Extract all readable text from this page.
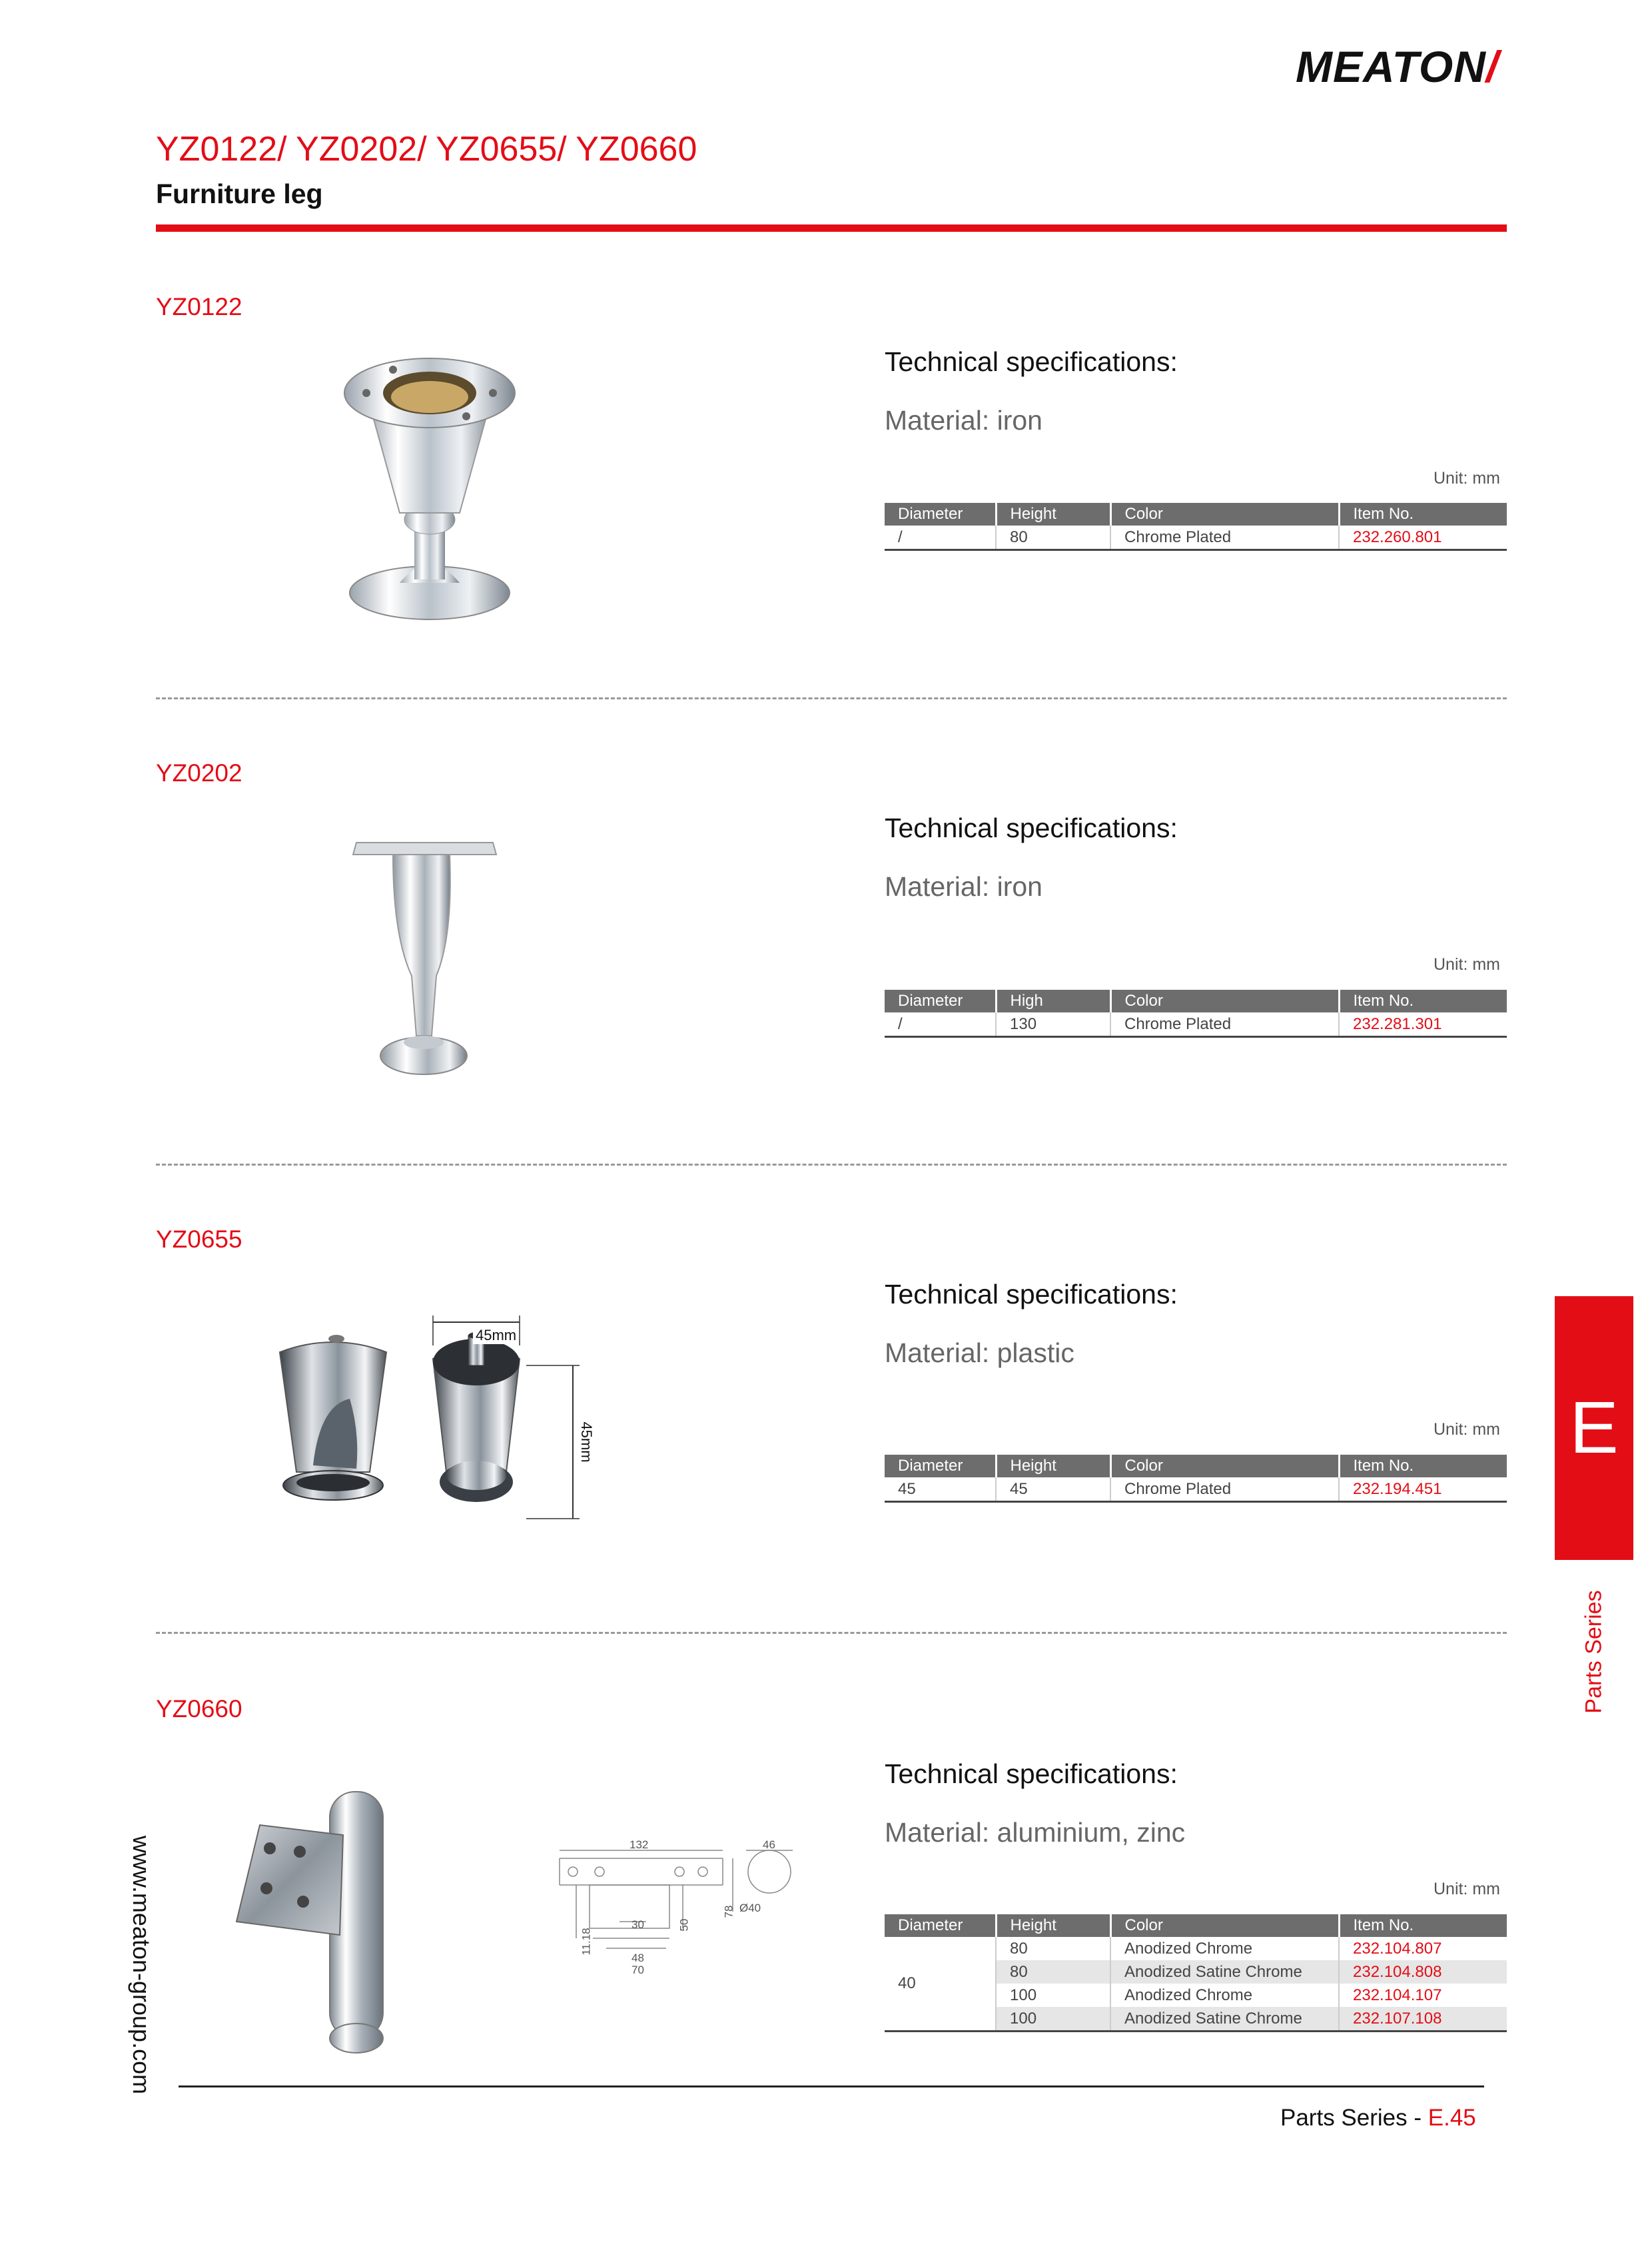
MEATON/
YZ0122/ YZ0202/ YZ0655/ YZ0660
Furniture leg
YZ0122
Technical specifications:
Material: iron
Unit: mm
Diameter	Height	Color	Item No.
/	80	Chrome Plated	232.260.801
YZ0202
Technical specifications:
Material: iron
Unit: mm
Diameter	High	Color	Item No.
/	130	Chrome Plated	232.281.301
YZ0655
45mm
45mm
Technical specifications:
Material: plastic
Unit: mm
Diameter	Height	Color	Item No.
45	45	Chrome Plated	232.194.451
YZ0660
132	46
Ø40
78
50
30
48
70
11.18
Technical specifications:
Material: aluminium, zinc
Unit: mm
Diameter	Height	Color	Item No.
40	80	Anodized Chrome	232.104.807
	80	Anodized Satine Chrome	232.104.808
	100	Anodized Chrome	232.104.107
	100	Anodized Satine Chrome	232.107.108
E
Parts Series
www.meaton-group.com
Parts Series - E.45
